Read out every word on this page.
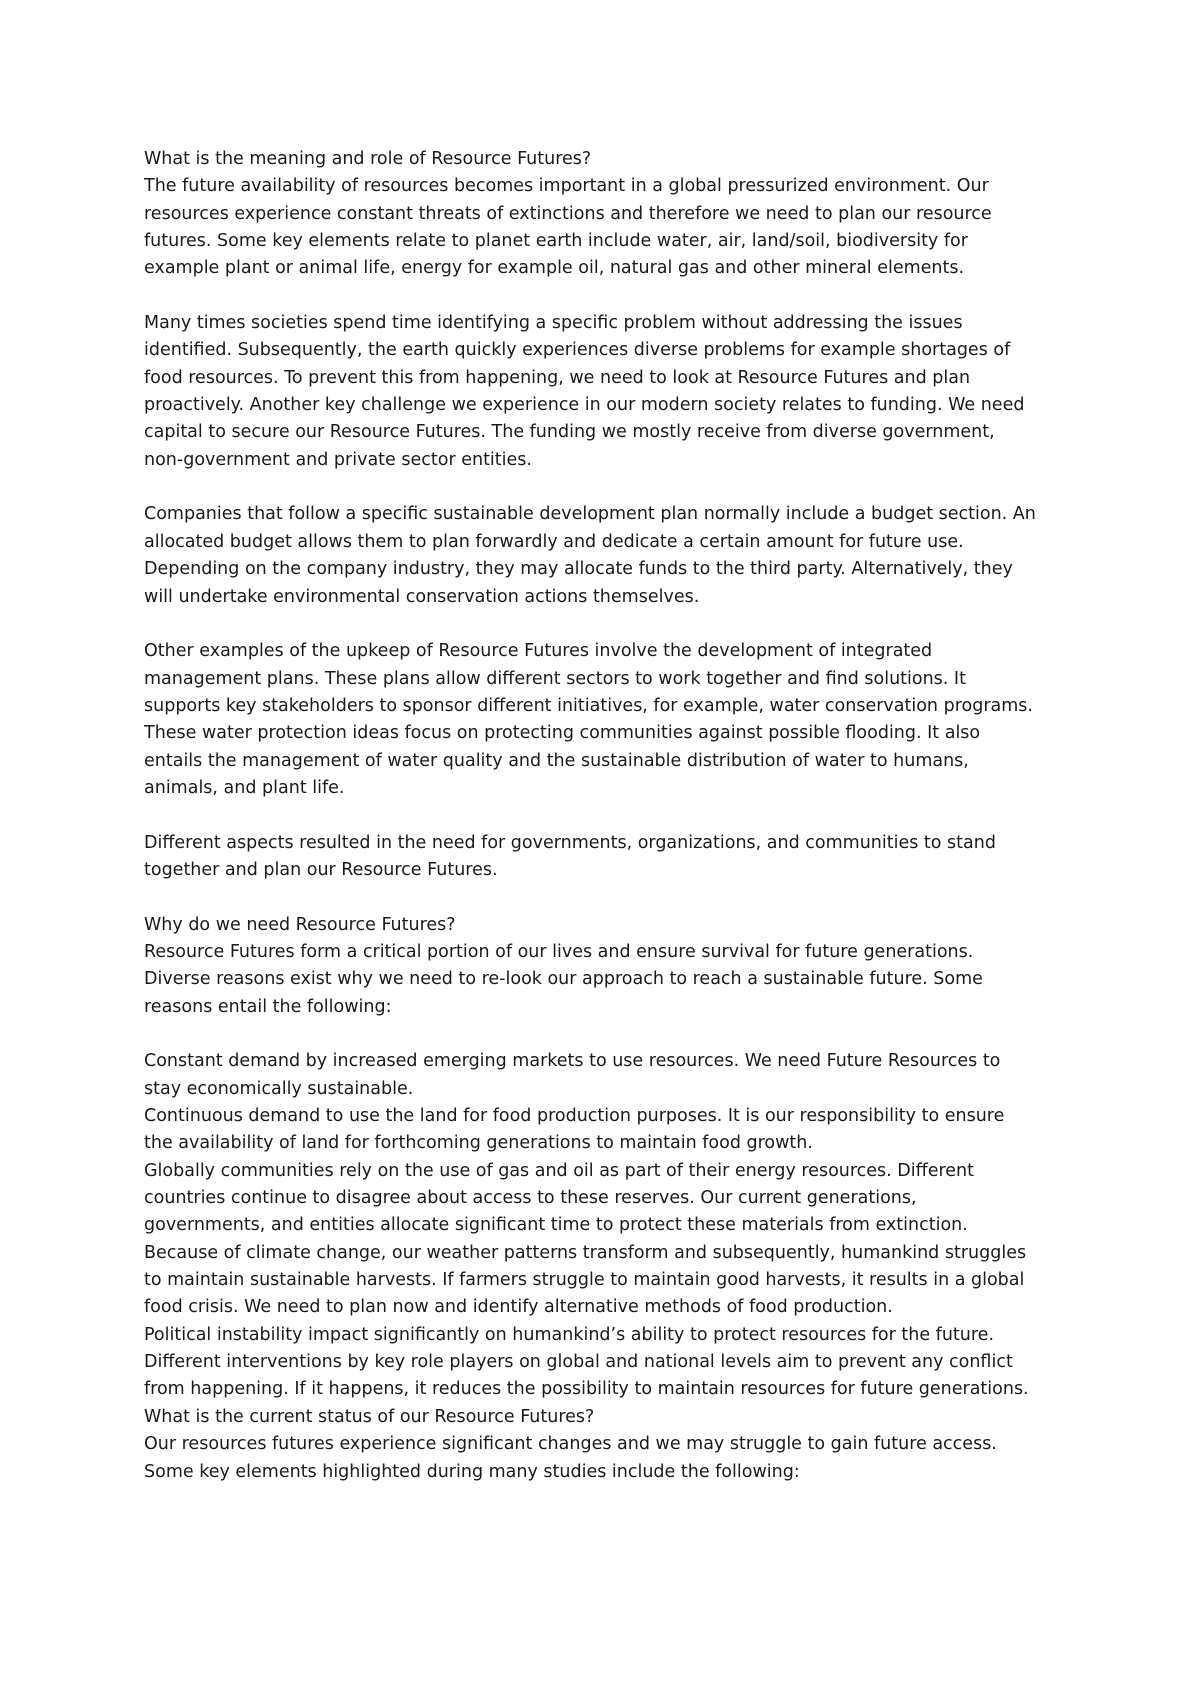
What is the meaning and role of Resource Futures?
The future availability of resources becomes important in a global pressurized environment. Our
resources experience constant threats of extinctions and therefore we need to plan our resource
futures. Some key elements relate to planet earth include water, air, land/soil, biodiversity for
example plant or animal life, energy for example oil, natural gas and other mineral elements.
Many times societies spend time identifying a specific problem without addressing the issues
identified. Subsequently, the earth quickly experiences diverse problems for example shortages of
food resources. To prevent this from happening, we need to look at Resource Futures and plan
proactively. Another key challenge we experience in our modern society relates to funding. We need
capital to secure our Resource Futures. The funding we mostly receive from diverse government,
non-government and private sector entities.
Companies that follow a specific sustainable development plan normally include a budget section. An
allocated budget allows them to plan forwardly and dedicate a certain amount for future use.
Depending on the company industry, they may allocate funds to the third party. Alternatively, they
will undertake environmental conservation actions themselves.
Other examples of the upkeep of Resource Futures involve the development of integrated
management plans. These plans allow different sectors to work together and find solutions. It
supports key stakeholders to sponsor different initiatives, for example, water conservation programs.
These water protection ideas focus on protecting communities against possible flooding. It also
entails the management of water quality and the sustainable distribution of water to humans,
animals, and plant life.
Different aspects resulted in the need for governments, organizations, and communities to stand
together and plan our Resource Futures.
Why do we need Resource Futures?
Resource Futures form a critical portion of our lives and ensure survival for future generations.
Diverse reasons exist why we need to re-look our approach to reach a sustainable future. Some
reasons entail the following:
Constant demand by increased emerging markets to use resources. We need Future Resources to
stay economically sustainable.
Continuous demand to use the land for food production purposes. It is our responsibility to ensure
the availability of land for forthcoming generations to maintain food growth.
Globally communities rely on the use of gas and oil as part of their energy resources. Different
countries continue to disagree about access to these reserves. Our current generations,
governments, and entities allocate significant time to protect these materials from extinction.
Because of climate change, our weather patterns transform and subsequently, humankind struggles
to maintain sustainable harvests. If farmers struggle to maintain good harvests, it results in a global
food crisis. We need to plan now and identify alternative methods of food production.
Political instability impact significantly on humankind’s ability to protect resources for the future.
Different interventions by key role players on global and national levels aim to prevent any conflict
from happening. If it happens, it reduces the possibility to maintain resources for future generations.
What is the current status of our Resource Futures?
Our resources futures experience significant changes and we may struggle to gain future access.
Some key elements highlighted during many studies include the following:
